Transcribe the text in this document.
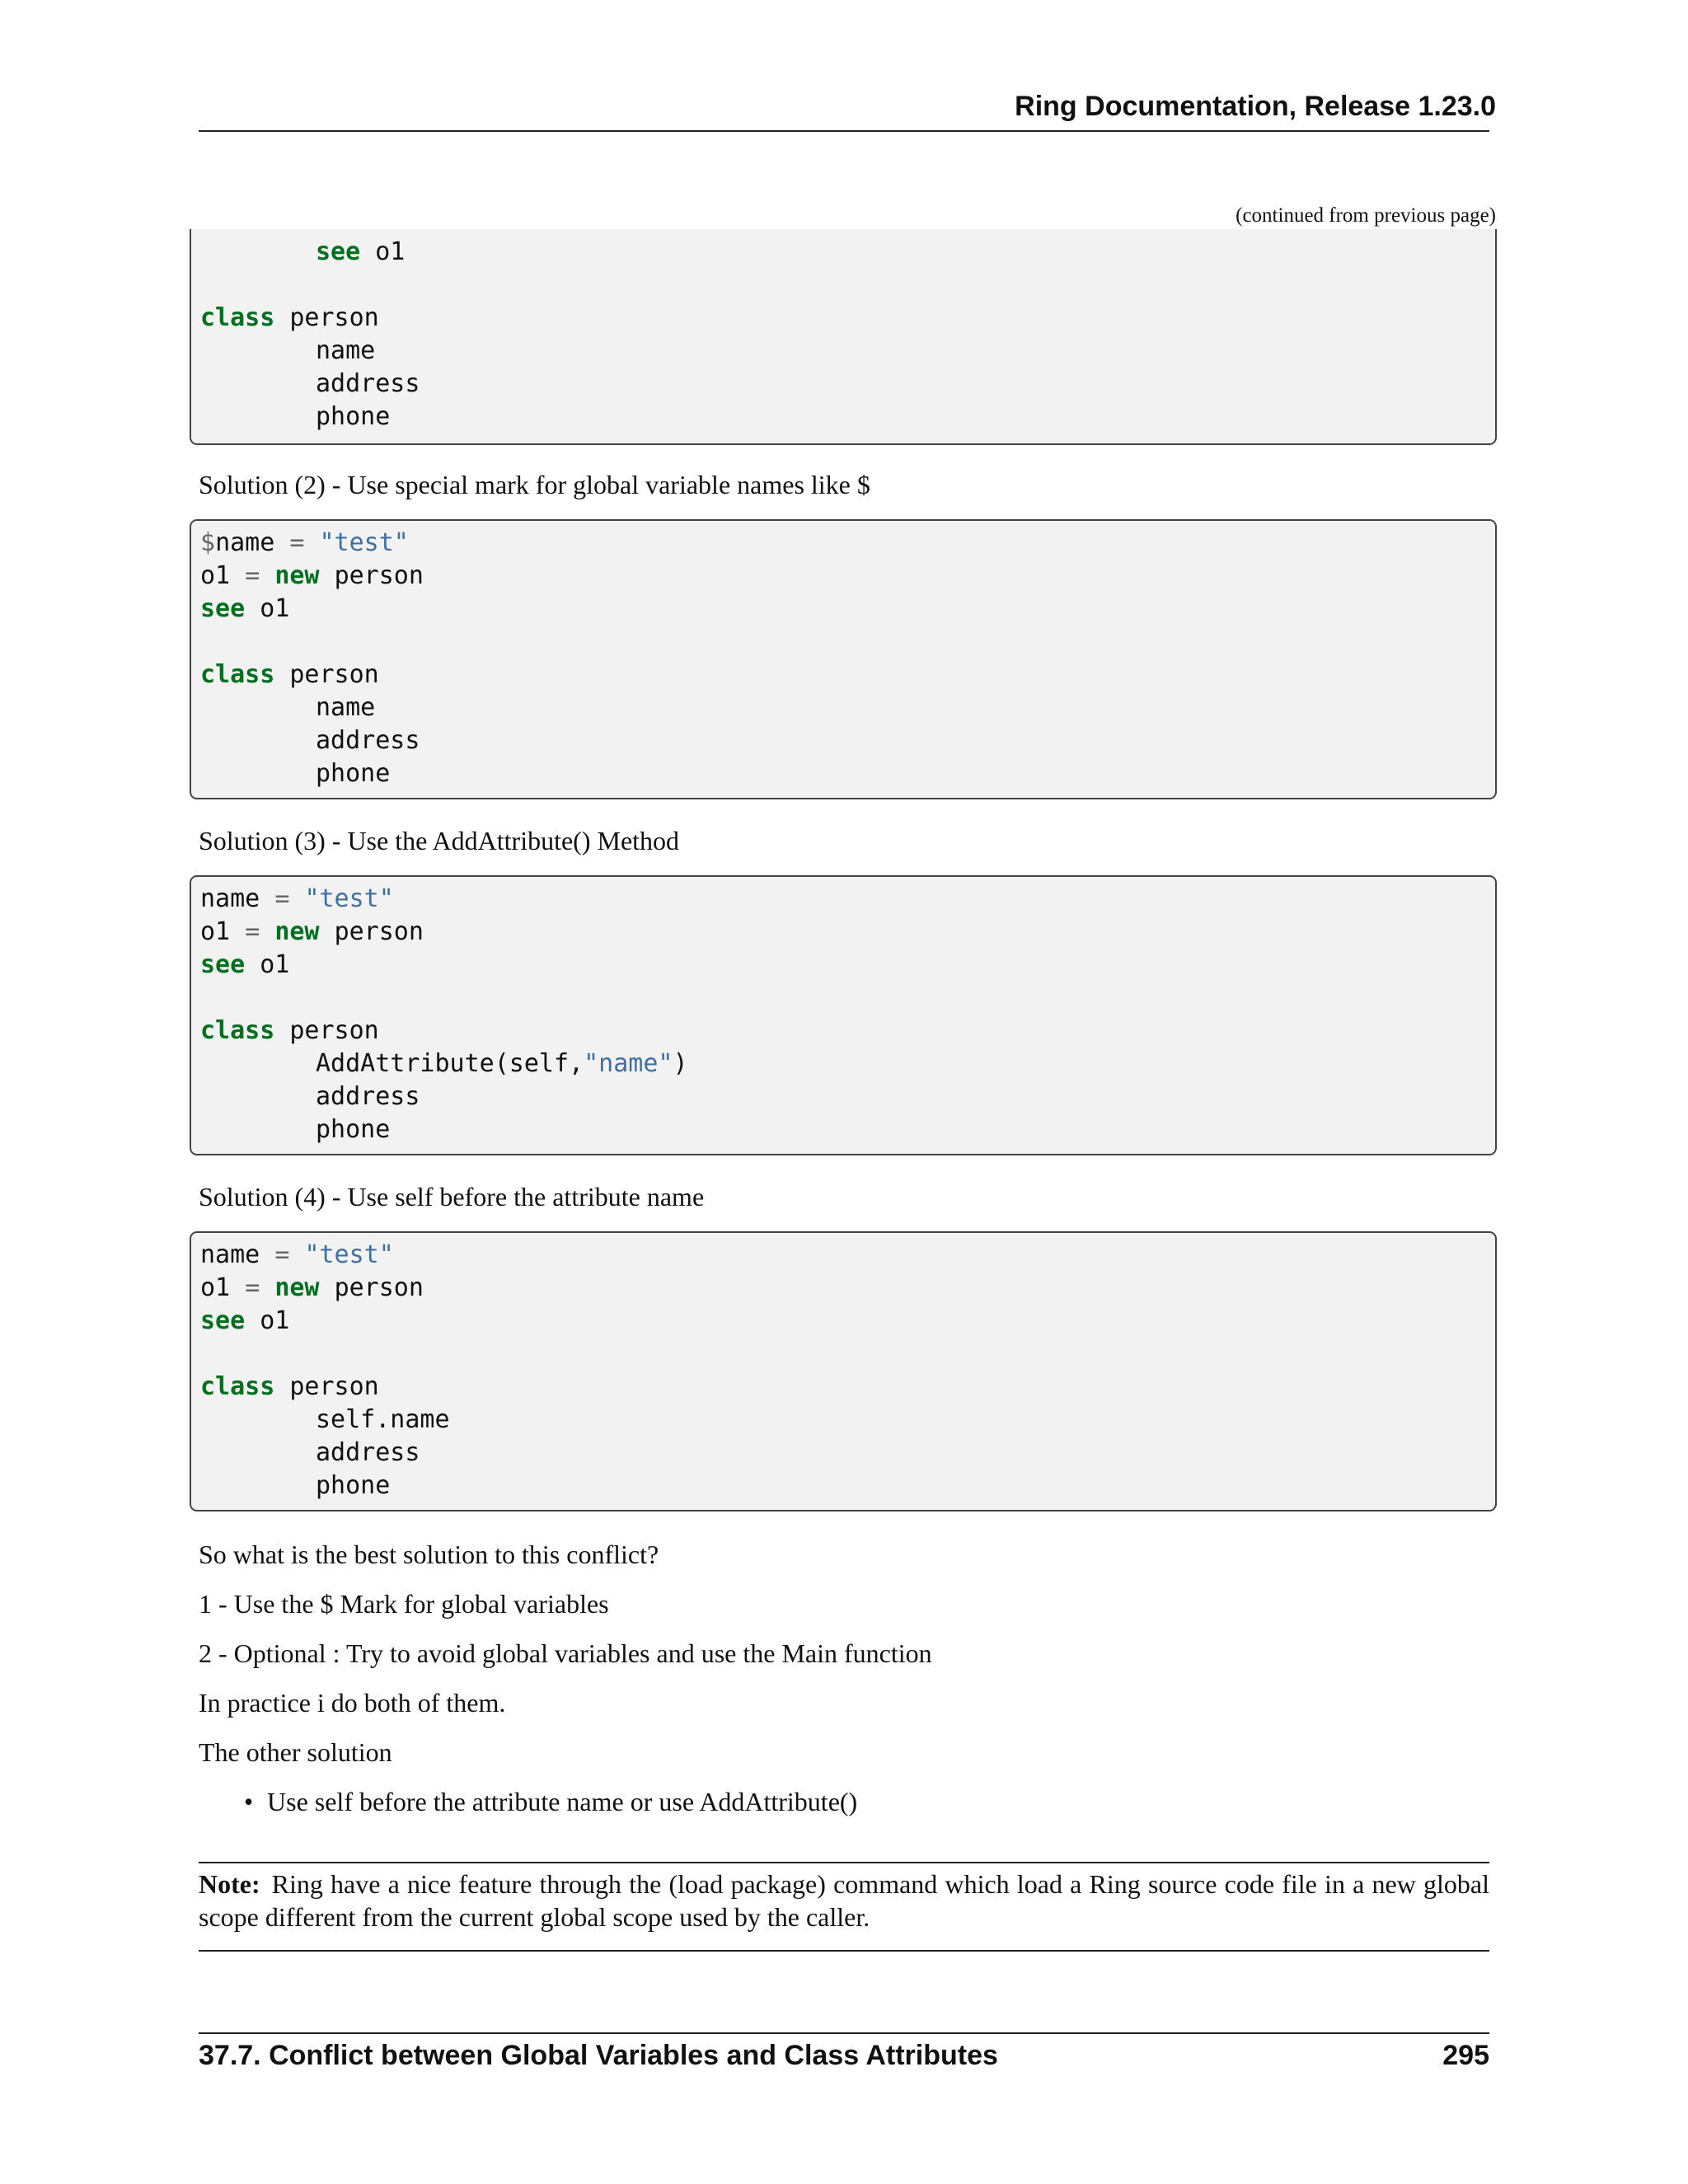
Ring Documentation, Release 1.23.0
(continued from previous page)
see o1
class person
name
address
phone
Solution (2) - Use special mark for global variable names like $
$name = "test"
o1 = new person
see o1
class person
name
address
phone
Solution (3) - Use the AddAttribute() Method
name = "test"
o1 = new person
see o1
class person
AddAttribute(self,"name")
address
phone
Solution (4) - Use self before the attribute name
name = "test"
o1 = new person
see o1
class person
self.name
address
phone
So what is the best solution to this conflict?
1 - Use the $ Mark for global variables
2 - Optional : Try to avoid global variables and use the Main function
In practice i do both of them.
The other solution
• Use self before the attribute name or use AddAttribute()
Note: Ring have a nice feature through the (load package) command which load a Ring source code file in a new global scope different from the current global scope used by the caller.
37.7. Conflict between Global Variables and Class Attributes	295
